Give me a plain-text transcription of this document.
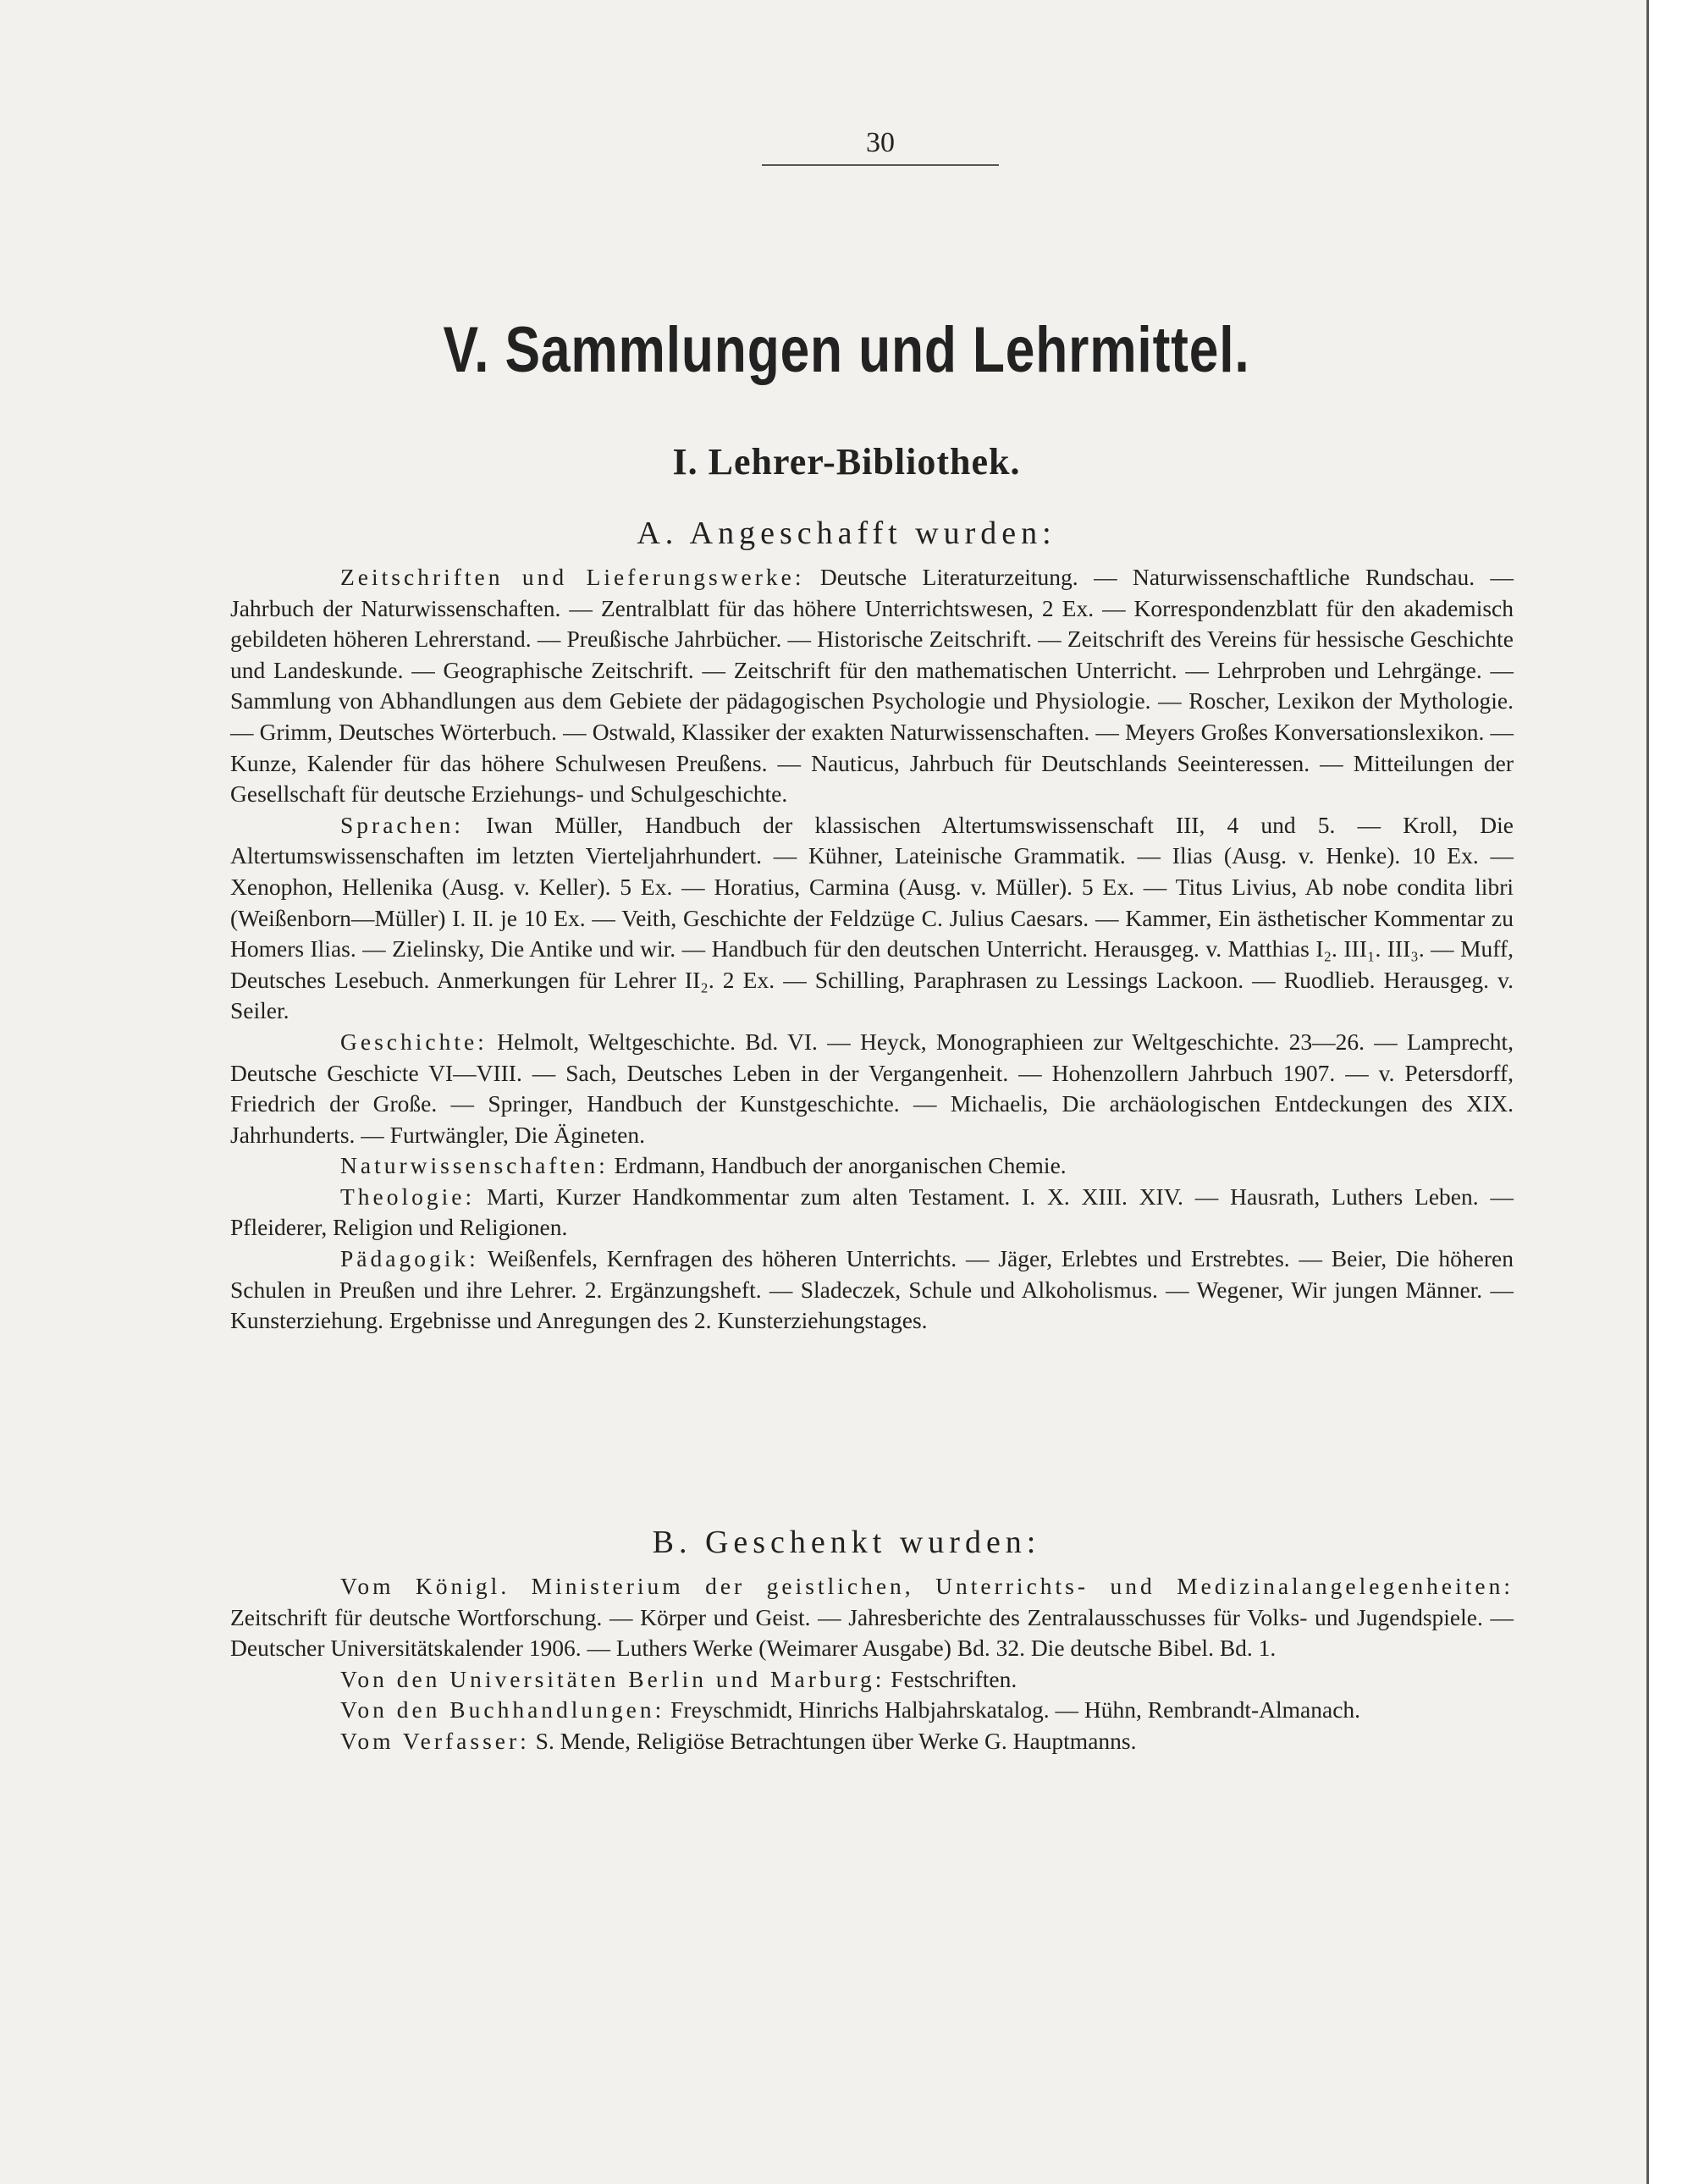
30
V. Sammlungen und Lehrmittel.
I. Lehrer-Bibliothek.
A. Angeschafft wurden:

Zeitschriften und Lieferungswerke: Deutsche Literaturzeitung. — Naturwissenschaftliche Rundschau. — Jahrbuch der Naturwissenschaften. — Zentralblatt für das höhere Unterrichtswesen, 2 Ex. — Korrespondenzblatt für den akademisch gebildeten höheren Lehrerstand. — Preußische Jahrbücher. — Historische Zeitschrift. — Zeitschrift des Vereins für hessische Geschichte und Landeskunde. — Geographische Zeitschrift. — Zeitschrift für den mathematischen Unterricht. — Lehrproben und Lehrgänge. — Sammlung von Abhandlungen aus dem Gebiete der pädagogischen Psychologie und Physiologie. — Roscher, Lexikon der Mythologie. — Grimm, Deutsches Wörterbuch. — Ostwald, Klassiker der exakten Naturwissenschaften. — Meyers Großes Konversationslexikon. — Kunze, Kalender für das höhere Schulwesen Preußens. — Nauticus, Jahrbuch für Deutschlands Seeinteressen. — Mitteilungen der Gesellschaft für deutsche Erziehungs- und Schulgeschichte.

Sprachen: Iwan Müller, Handbuch der klassischen Altertumswissenschaft III, 4 und 5. — Kroll, Die Altertumswissenschaften im letzten Vierteljahrhundert. — Kühner, Lateinische Grammatik. — Ilias (Ausg. v. Henke). 10 Ex. — Xenophon, Hellenika (Ausg. v. Keller). 5 Ex. — Horatius, Carmina (Ausg. v. Müller). 5 Ex. — Titus Livius, Ab nobe condita libri (Weißenborn—Müller) I. II. je 10 Ex. — Veith, Geschichte der Feldzüge C. Julius Caesars. — Kammer, Ein ästhetischer Kommentar zu Homers Ilias. — Zielinsky, Die Antike und wir. — Handbuch für den deutschen Unterricht. Herausgeg. v. Matthias I₂. III₁. III₃. — Muff, Deutsches Lesebuch. Anmerkungen für Lehrer II₂. 2 Ex. — Schilling, Paraphrasen zu Lessings Lackoon. — Ruodlieb. Herausgeg. v. Seiler.

Geschichte: Helmolt, Weltgeschichte. Bd. VI. — Heyck, Monographieen zur Weltgeschichte. 23—26. — Lamprecht, Deutsche Geschicte VI—VIII. — Sach, Deutsches Leben in der Vergangenheit. — Hohenzollern Jahrbuch 1907. — v. Petersdorff, Friedrich der Große. — Springer, Handbuch der Kunstgeschichte. — Michaelis, Die archäologischen Entdeckungen des XIX. Jahrhunderts. — Furtwängler, Die Ägineten.

Naturwissenschaften: Erdmann, Handbuch der anorganischen Chemie.

Theologie: Marti, Kurzer Handkommentar zum alten Testament. I. X. XIII. XIV. — Hausrath, Luthers Leben. — Pfleiderer, Religion und Religionen.

Pädagogik: Weißenfels, Kernfragen des höheren Unterrichts. — Jäger, Erlebtes und Erstrebtes. — Beier, Die höheren Schulen in Preußen und ihre Lehrer. 2. Ergänzungsheft. — Sladeczek, Schule und Alkoholismus. — Wegener, Wir jungen Männer. — Kunsterziehung. Ergebnisse und Anregungen des 2. Kunsterziehungstages.

B. Geschenkt wurden:

Vom Königl. Ministerium der geistlichen, Unterrichts- und Medizinalangelegenheiten: Zeitschrift für deutsche Wortforschung. — Körper und Geist. — Jahresberichte des Zentralausschusses für Volks- und Jugendspiele. — Deutscher Universitätskalender 1906. — Luthers Werke (Weimarer Ausgabe) Bd. 32. Die deutsche Bibel. Bd. 1.

Von den Universitäten Berlin und Marburg: Festschriften.

Von den Buchhandlungen: Freyschmidt, Hinrichs Halbjahrskatalog. — Hühn, Rembrandt-Almanach.

Vom Verfasser: S. Mende, Religiöse Betrachtungen über Werke G. Hauptmanns.
